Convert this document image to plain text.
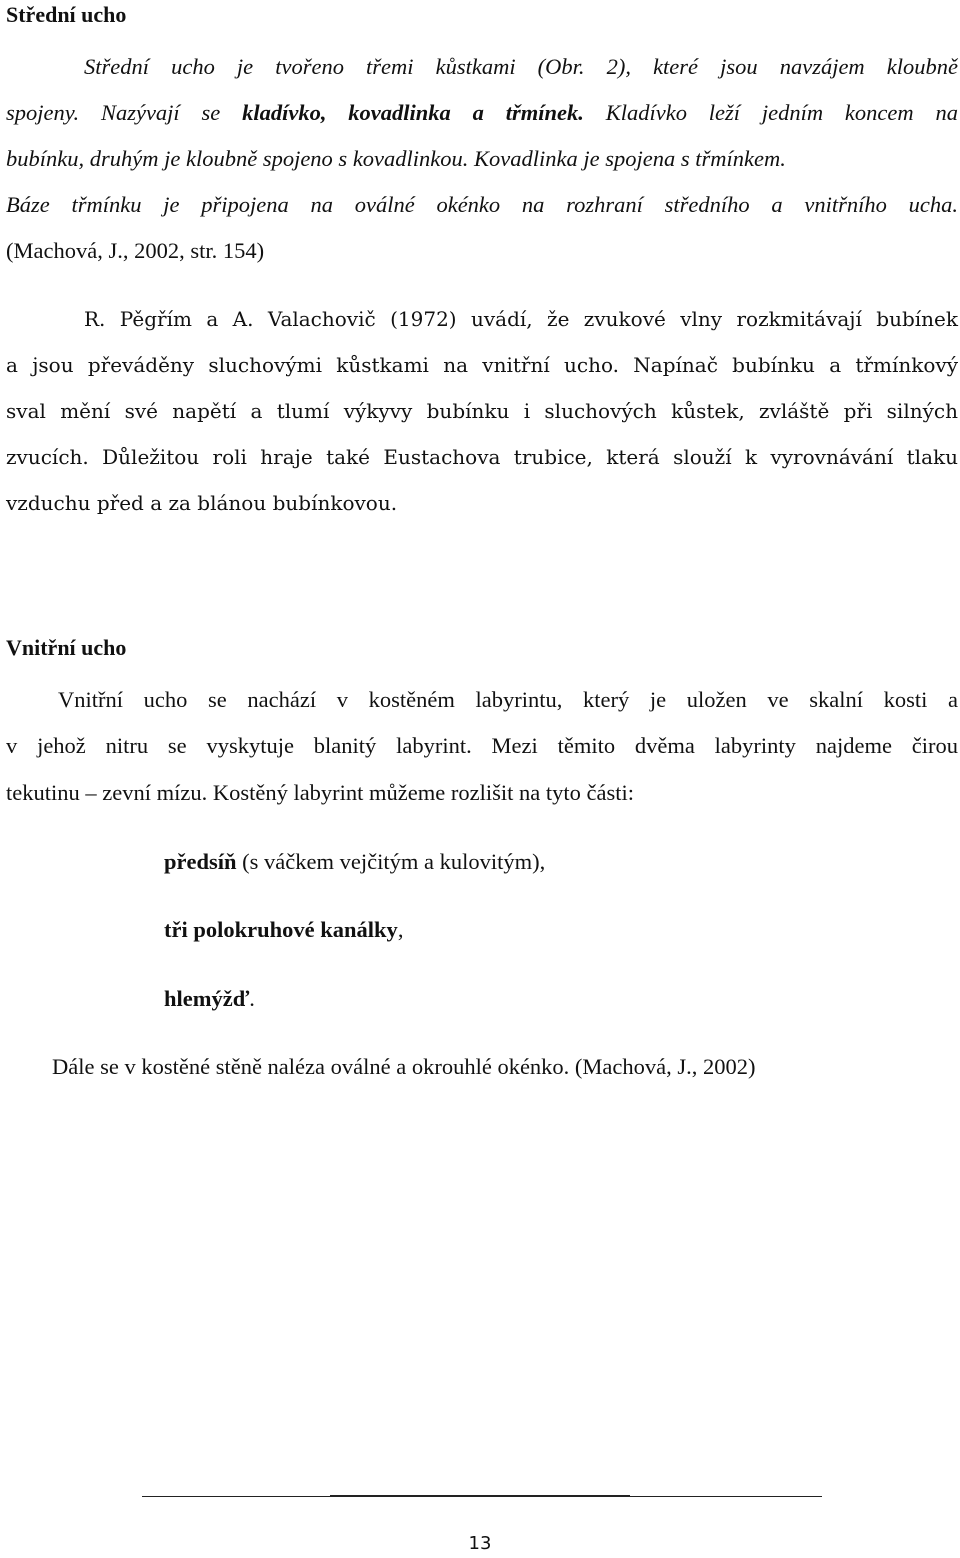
Střední ucho
Střední ucho je tvořeno třemi kůstkami (Obr. 2), které jsou navzájem kloubně
spojeny. Nazývají se kladívko, kovadlinka a třmínek. Kladívko leží jedním koncem na
bubínku, druhým je kloubně spojeno s kovadlinkou. Kovadlinka je spojena s třmínkem.
Báze třmínku je připojena na oválné okénko na rozhraní středního a vnitřního ucha.
(Machová, J., 2002, str. 154)
R. Pěgřím a A. Valachovič (1972) uvádí, že zvukové vlny rozkmitávají bubínek
a jsou převáděny sluchovými kůstkami na vnitřní ucho. Napínač bubínku a třmínkový
sval mění své napětí a tlumí výkyvy bubínku i sluchových kůstek, zvláště při silných
zvucích. Důležitou roli hraje také Eustachova trubice, která slouží k vyrovnávání tlaku
vzduchu před a za blánou bubínkovou.
Vnitřní ucho
Vnitřní ucho se nachází v kostěném labyrintu, který je uložen ve skalní kosti a
v jehož nitru se vyskytuje blanitý labyrint. Mezi těmito dvěma labyrinty najdeme čirou
tekutinu – zevní mízu. Kostěný labyrint můžeme rozlišit na tyto části:
předsíň (s váčkem vejčitým a kulovitým),
tři polokruhové kanálky,
hlemýžď.
Dále se v kostěné stěně naléza oválné a okrouhlé okénko. (Machová, J., 2002)
13
